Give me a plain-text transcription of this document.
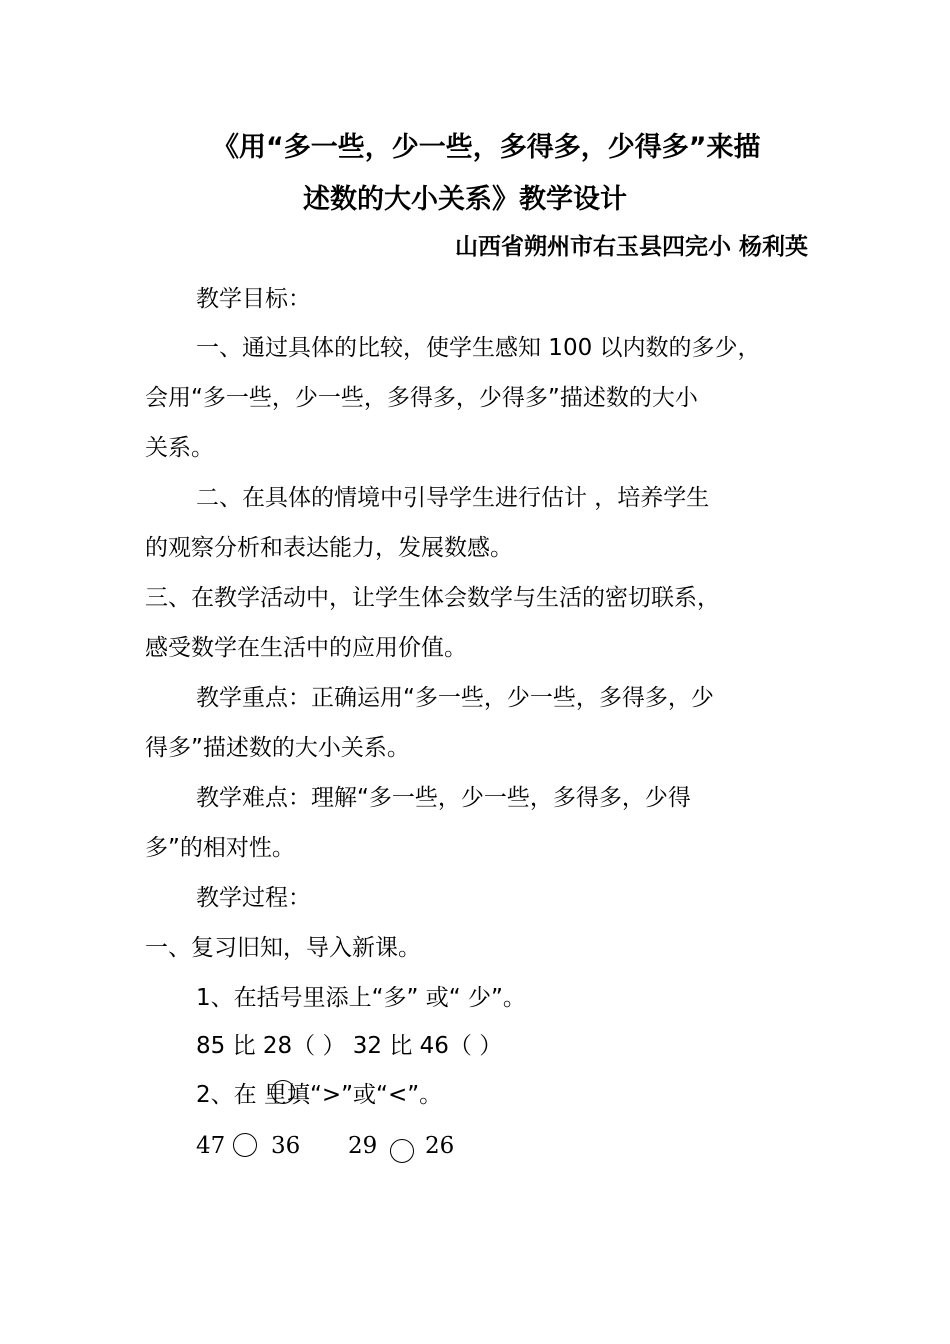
《用“多一些，少一些，多得多，少得多”来描
述数的大小关系》教学设计
山西省朔州市右玉县四完小 杨利英
教学目标：
一、通过具体的比较，使学生感知 100 以内数的多少，
会用“多一些，少一些，多得多，少得多”描述数的大小
关系。
二、在具体的情境中引导学生进行估计 ，培养学生
的观察分析和表达能力，发展数感。
三、在教学活动中，让学生体会数学与生活的密切联系，
感受数学在生活中的应用价值。
教学重点：正确运用“多一些，少一些，多得多，少
得多”描述数的大小关系。
教学难点：理解“多一些，少一些，多得多，少得
多”的相对性。
教学过程：
一、复习旧知，导入新课。
1、在括号里添上“多” 或“ 少”。
85 比 28（ ） 32 比 46（ ）
2、在 里填“>”或“<”。
47 36 29 26
